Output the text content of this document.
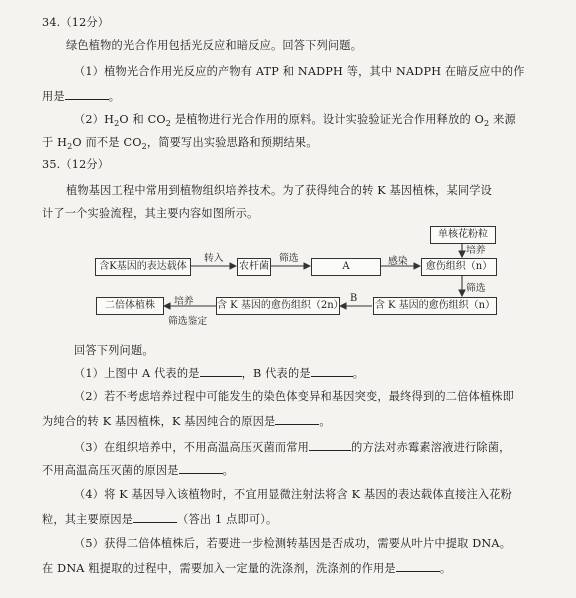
34.（12分）
绿色植物的光合作用包括光反应和暗反应。回答下列问题。
（1）植物光合作用光反应的产物有 ATP 和 NADPH 等，其中 NADPH 在暗反应中的作
用是	。
$(2)H_2O$ 和 $CO_2$ 是植物进行光合作用的原料。设计实验验证光合作用释放的 $O_2$ 来源
于 $H_2O$ 而不是 $CO_2$，简要写出实验思路和预期结果。
35.（12分）
植物基因工程中常用到植物组织培养技术。为了获得纯合的转 K 基因植株，某同学设
计了一个实验流程，其主要内容如图所示。
含K基因的表达载体	农杆菌	A	愈伤组织（n）
单核花粉粒
含 K 基因的愈伤组织（n）
含 K 基因的愈伤组织（2n）
二倍体植株
转入	筛选	感染
培养
筛选
B
培养
筛选鉴定
回答下列问题。
（1）上图中 A 代表的是	，B 代表的是	。
（2）若不考虑培养过程中可能发生的染色体变异和基因突变，最终得到的二倍体植株即
为纯合的转 K 基因植株，K 基因纯合的原因是	。
（3）在组织培养中，不用高温高压灭菌而常用	的方法对赤霉素溶液进行除菌，
不用高温高压灭菌的原因是	。
（4）将 K 基因导入该植物时，不宜用显微注射法将含 K 基因的表达载体直接注入花粉
粒，其主要原因是	（答出 1 点即可）。
（5）获得二倍体植株后，若要进一步检测转基因是否成功，需要从叶片中提取 DNA。
在 DNA 粗提取的过程中，需要加入一定量的洗涤剂，洗涤剂的作用是	。
